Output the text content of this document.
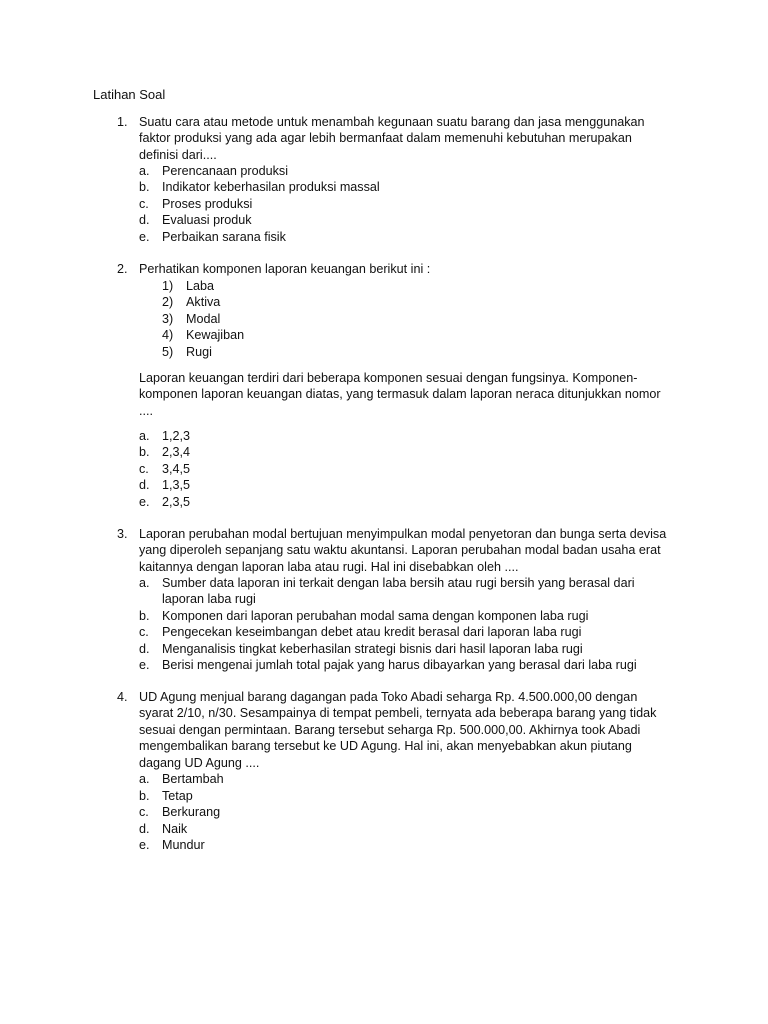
Latihan Soal
1. Suatu cara atau metode untuk menambah kegunaan suatu barang dan jasa menggunakan faktor produksi yang ada agar lebih bermanfaat dalam memenuhi kebutuhan merupakan definisi dari....
a. Perencanaan produksi
b. Indikator keberhasilan produksi massal
c. Proses produksi
d. Evaluasi produk
e. Perbaikan sarana fisik
2. Perhatikan komponen laporan keuangan berikut ini :
1) Laba
2) Aktiva
3) Modal
4) Kewajiban
5) Rugi
Laporan keuangan terdiri dari beberapa komponen sesuai dengan fungsinya. Komponen-komponen laporan keuangan diatas, yang termasuk dalam laporan neraca ditunjukkan nomor ....
a. 1,2,3
b. 2,3,4
c. 3,4,5
d. 1,3,5
e. 2,3,5
3. Laporan perubahan modal bertujuan menyimpulkan modal penyetoran dan bunga serta devisa yang diperoleh sepanjang satu waktu akuntansi. Laporan perubahan modal badan usaha erat kaitannya dengan laporan laba atau rugi. Hal ini disebabkan oleh ....
a. Sumber data laporan ini terkait dengan laba bersih atau rugi bersih yang berasal dari laporan laba rugi
b. Komponen dari laporan perubahan modal sama dengan komponen laba rugi
c. Pengecekan keseimbangan debet atau kredit berasal dari laporan laba rugi
d. Menganalisis tingkat keberhasilan strategi bisnis dari hasil laporan laba rugi
e. Berisi mengenai jumlah total pajak yang harus dibayarkan yang berasal dari laba rugi
4. UD Agung menjual barang dagangan pada Toko Abadi seharga Rp. 4.500.000,00 dengan syarat 2/10, n/30. Sesampainya di tempat pembeli, ternyata ada beberapa barang yang tidak sesuai dengan permintaan. Barang tersebut seharga Rp. 500.000,00. Akhirnya took Abadi mengembalikan barang tersebut ke UD Agung. Hal ini, akan menyebabkan akun piutang dagang UD Agung ....
a. Bertambah
b. Tetap
c. Berkurang
d. Naik
e. Mundur
